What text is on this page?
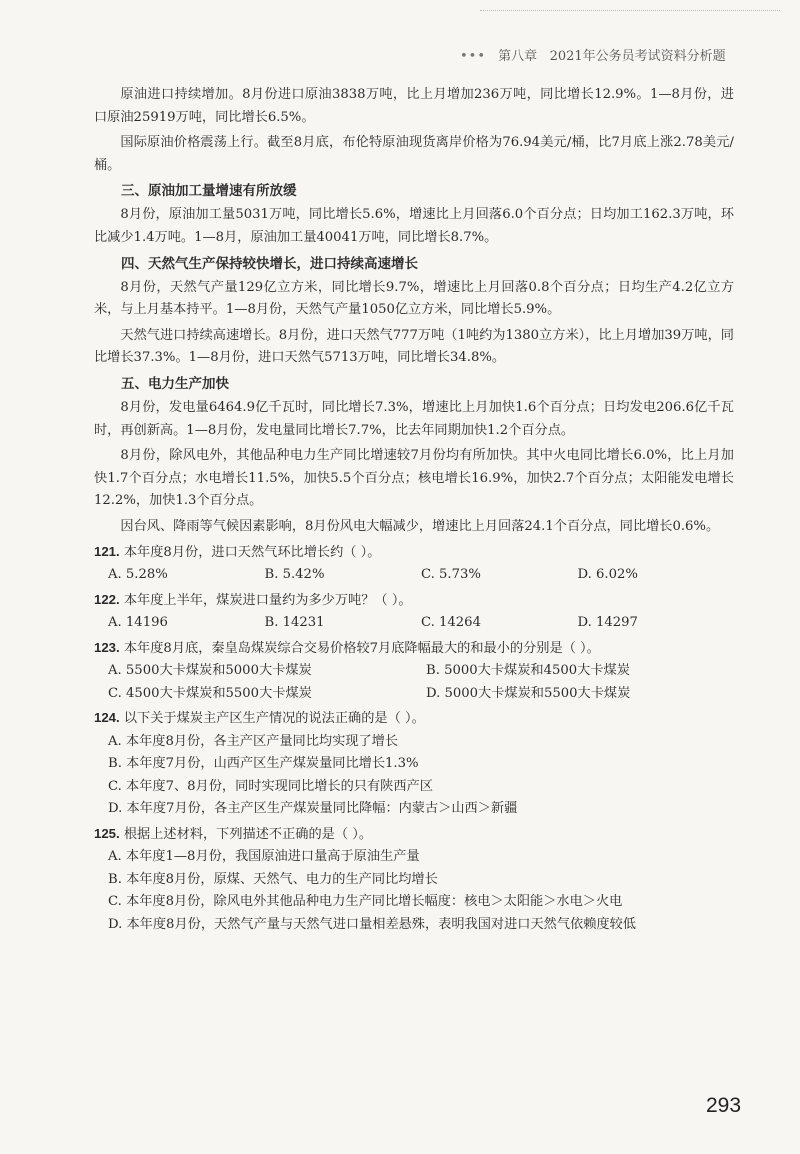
••• 第八章 2021年公务员考试资料分析题

原油进口持续增加。8月份进口原油3838万吨，比上月增加236万吨，同比增长12.9%。1—8月份，进口原油25919万吨，同比增长6.5%。

国际原油价格震荡上行。截至8月底，布伦特原油现货离岸价格为76.94美元/桶，比7月底上涨2.78美元/桶。

三、原油加工量增速有所放缓

8月份，原油加工量5031万吨，同比增长5.6%，增速比上月回落6.0个百分点；日均加工162.3万吨，环比减少1.4万吨。1—8月，原油加工量40041万吨，同比增长8.7%。

四、天然气生产保持较快增长，进口持续高速增长

8月份，天然气产量129亿立方米，同比增长9.7%，增速比上月回落0.8个百分点；日均生产4.2亿立方米，与上月基本持平。1—8月份，天然气产量1050亿立方米，同比增长5.9%。

天然气进口持续高速增长。8月份，进口天然气777万吨（1吨约为1380立方米），比上月增加39万吨，同比增长37.3%。1—8月份，进口天然气5713万吨，同比增长34.8%。

五、电力生产加快

8月份，发电量6464.9亿千瓦时，同比增长7.3%，增速比上月加快1.6个百分点；日均发电206.6亿千瓦时，再创新高。1—8月份，发电量同比增长7.7%，比去年同期加快1.2个百分点。

8月份，除风电外，其他品种电力生产同比增速较7月份均有所加快。其中火电同比增长6.0%，比上月加快1.7个百分点；水电增长11.5%，加快5.5个百分点；核电增长16.9%，加快2.7个百分点；太阳能发电增长12.2%，加快1.3个百分点。

因台风、降雨等气候因素影响，8月份风电大幅减少，增速比上月回落24.1个百分点，同比增长0.6%。

121. 本年度8月份，进口天然气环比增长约（ ）。
A. 5.28%	B. 5.42%	C. 5.73%	D. 6.02%
122. 本年度上半年，煤炭进口量约为多少万吨？（ ）。
A. 14196	B. 14231	C. 14264	D. 14297
123. 本年度8月底，秦皇岛煤炭综合交易价格较7月底降幅最大的和最小的分别是（ ）。
A. 5500大卡煤炭和5000大卡煤炭	B. 5000大卡煤炭和4500大卡煤炭
C. 4500大卡煤炭和5500大卡煤炭	D. 5000大卡煤炭和5500大卡煤炭
124. 以下关于煤炭主产区生产情况的说法正确的是（ ）。
A. 本年度8月份，各主产区产量同比均实现了增长
B. 本年度7月份，山西产区生产煤炭量同比增长1.3%
C. 本年度7、8月份，同时实现同比增长的只有陕西产区
D. 本年度7月份，各主产区生产煤炭量同比降幅：内蒙古＞山西＞新疆
125. 根据上述材料，下列描述不正确的是（ ）。
A. 本年度1—8月份，我国原油进口量高于原油生产量
B. 本年度8月份，原煤、天然气、电力的生产同比均增长
C. 本年度8月份，除风电外其他品种电力生产同比增长幅度：核电＞太阳能＞水电＞火电
D. 本年度8月份，天然气产量与天然气进口量相差悬殊，表明我国对进口天然气依赖度较低
293
